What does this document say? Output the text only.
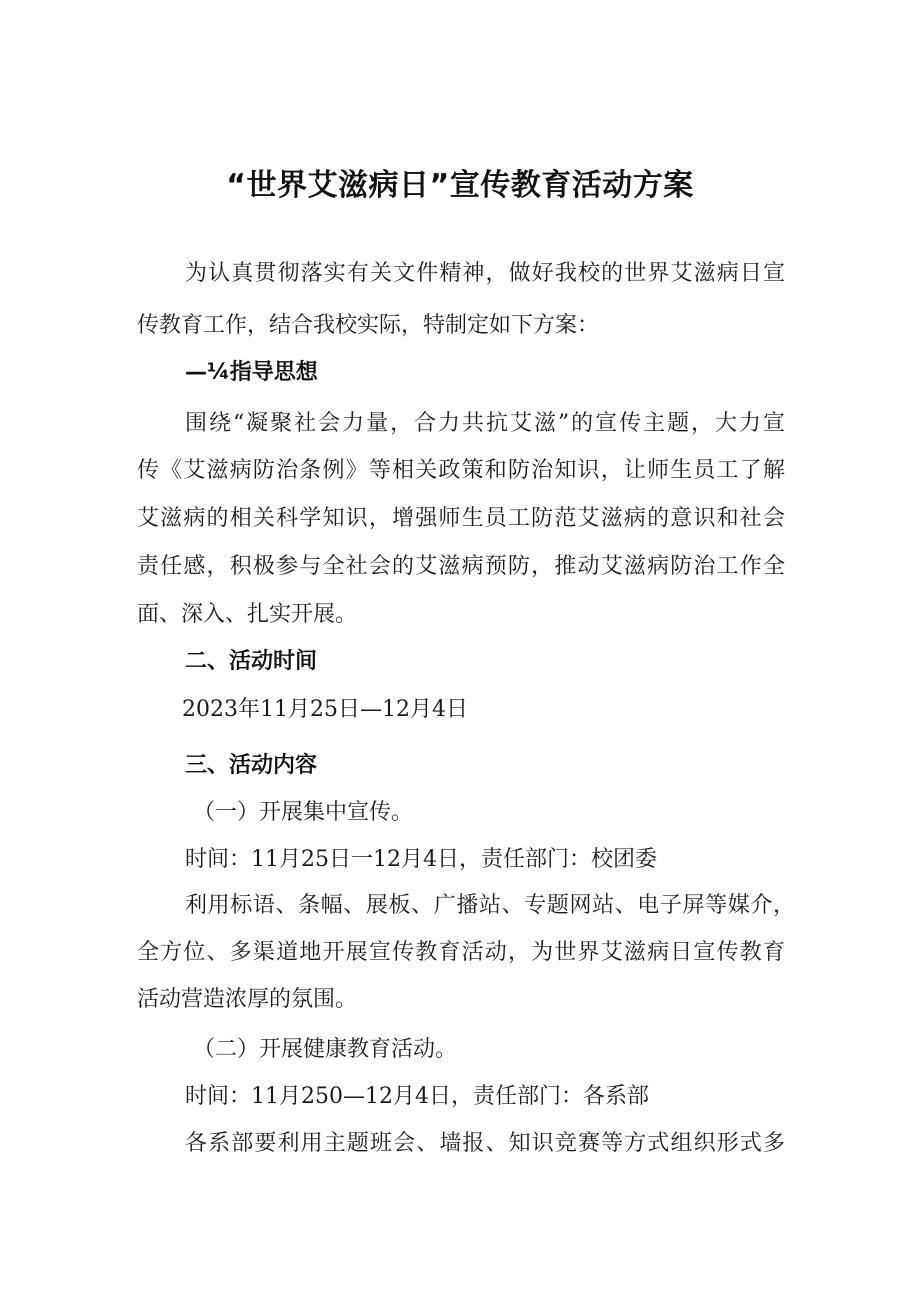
“世界艾滋病日”宣传教育活动方案
为认真贯彻落实有关文件精神，做好我校的世界艾滋病日宣
传教育工作，结合我校实际，特制定如下方案：
—¼指导思想
围绕“凝聚社会力量，合力共抗艾滋”的宣传主题，大力宣
传《艾滋病防治条例》等相关政策和防治知识，让师生员工了解
艾滋病的相关科学知识，增强师生员工防范艾滋病的意识和社会
责任感，积极参与全社会的艾滋病预防，推动艾滋病防治工作全
面、深入、扎实开展。
二、活动时间
2023年11月25日—12月4日
三、活动内容
（一）开展集中宣传。
时间：11月25日一12月4日，责任部门：校团委
利用标语、条幅、展板、广播站、专题网站、电子屏等媒介，
全方位、多渠道地开展宣传教育活动，为世界艾滋病日宣传教育
活动营造浓厚的氛围。
（二）开展健康教育活动。
时间：11月250—12月4日，责任部门：各系部
各系部要利用主题班会、墙报、知识竞赛等方式组织形式多
